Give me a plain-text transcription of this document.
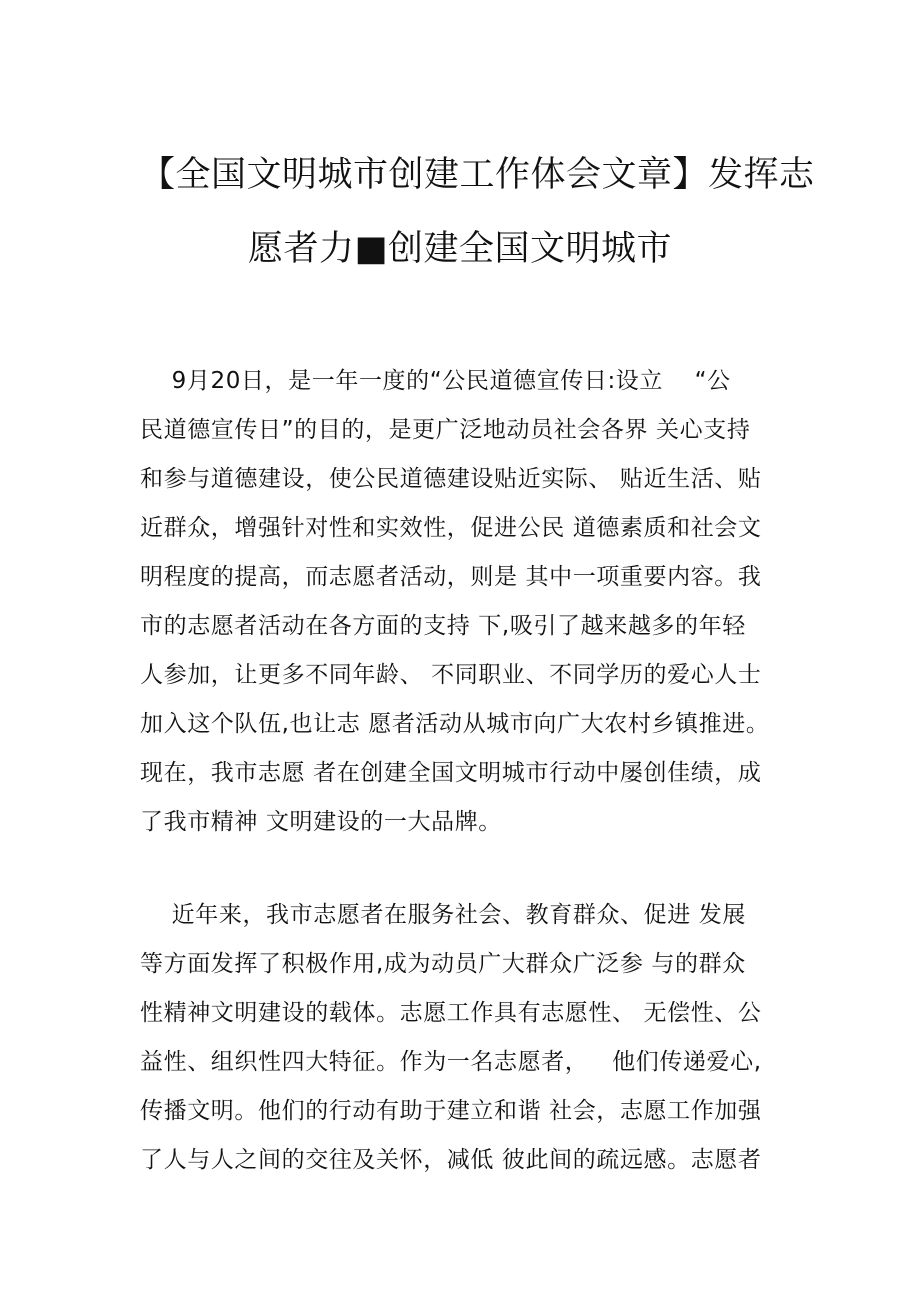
【全国文明城市创建工作体会文章】发挥志
愿者力■创建全国文明城市

9月20日，是一年一度的“公民道德宣传日:设立    “公

民道德宣传日”的目的，是更广泛地动员社会各界 关心支持

和参与道德建设，使公民道德建设贴近实际、 贴近生活、贴

近群众，增强针对性和实效性，促进公民 道德素质和社会文

明程度的提高，而志愿者活动，则是 其中一项重要内容。我

市的志愿者活动在各方面的支持 下,吸引了越来越多的年轻

人参加，让更多不同年龄、 不同职业、不同学历的爱心人士

加入这个队伍,也让志 愿者活动从城市向广大农村乡镇推进。

现在，我市志愿 者在创建全国文明城市行动中屡创佳绩，成

了我市精神 文明建设的一大品牌。

近年来，我市志愿者在服务社会、教育群众、促进 发展

等方面发挥了积极作用,成为动员广大群众广泛参 与的群众

性精神文明建设的载体。志愿工作具有志愿性、 无偿性、公

益性、组织性四大特征。作为一名志愿者，   他们传递爱心,

传播文明。他们的行动有助于建立和谐 社会，志愿工作加强

了人与人之间的交往及关怀，减低 彼此间的疏远感。志愿者
